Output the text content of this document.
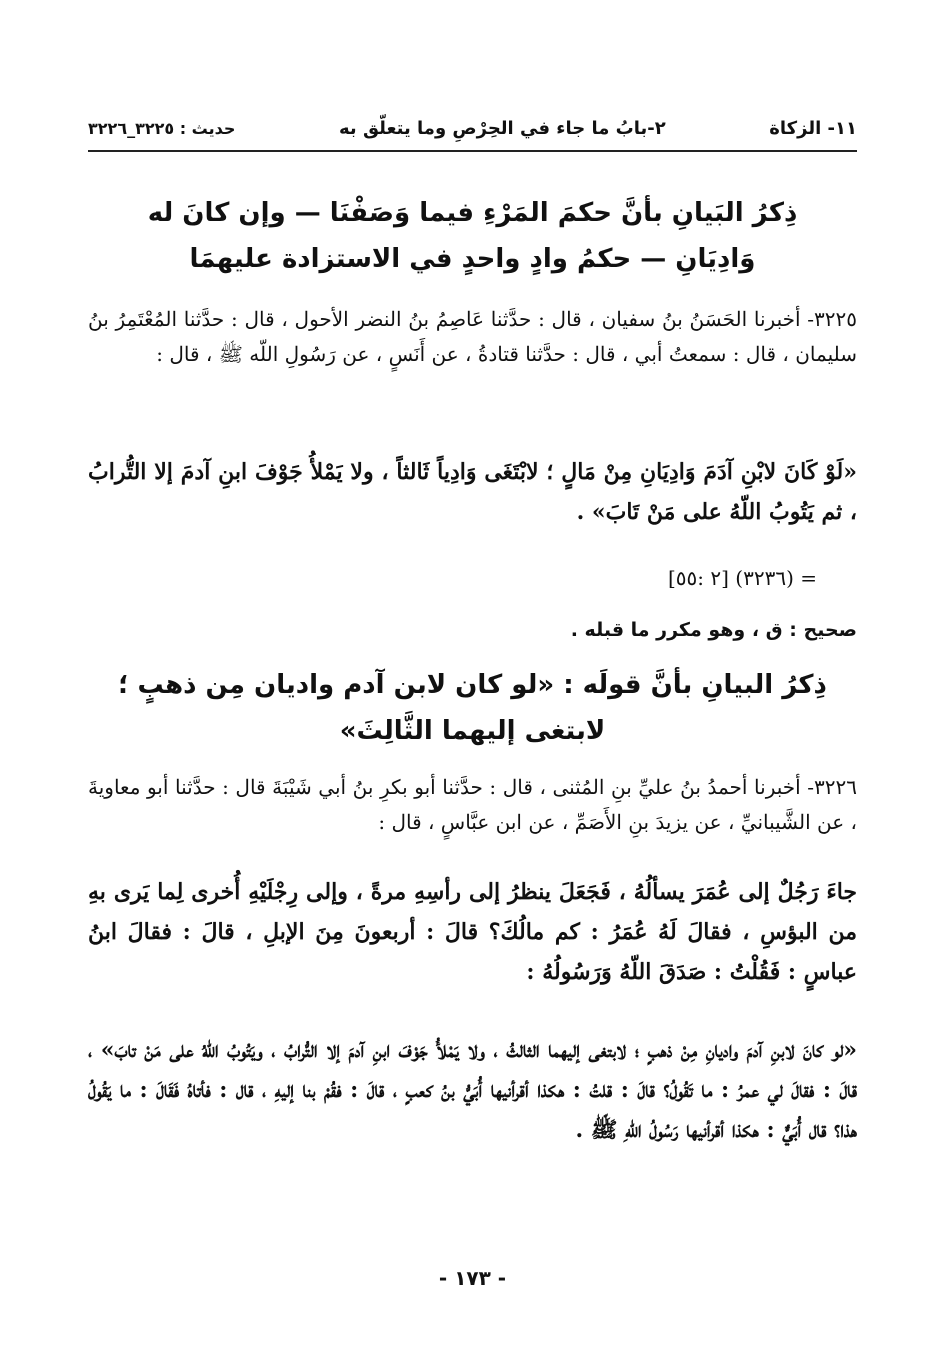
١١- الزكاة
٢-بابُ ما جاء في الحِرْصِ وما يتعلّق به
حديث : ٣٢٢٥_٣٢٢٦
ذِكرُ البَيانِ بأنَّ حكمَ المَرْءِ فيما وَصَفْنَا — وإن كانَ له
وَادِيَانِ — حكمُ وادٍ واحدٍ في الاستزادة عليهمَا
٣٢٢٥- أخبرنا الحَسَنُ بنُ سفيان ، قال : حدَّثنا عَاصِمُ بنُ النضر الأحول ، قال : حدَّثنا المُعْتَمِرُ بنُ سليمان ، قال : سمعتُ أبي ، قال : حدَّثنا قتادةُ ، عن أَنَسٍ ، عن رَسُولِ اللّه ﷺ ، قال :
«لَوْ كَانَ لابْنِ آدَمَ وَادِيَانِ مِنْ مَالٍ ؛ لابْتَغَى وَادِياً ثَالثاً ، ولا يَمْلأُ جَوْفَ ابنِ آدمَ إلا التُّرابُ ، ثم يَتُوبُ اللّهُ على مَنْ تَابَ» .
= (٣٢٣٦) [٢ :٥٥]
صحيح : ق ، وهو مكرر ما قبله .
ذِكرُ البيانِ بأنَّ قولَه : «لو كان لابن آدم واديان مِن ذهبٍ ؛
لابتغى إليهما الثَّالِثَ»
٣٢٢٦- أخبرنا أحمدُ بنُ عليِّ بنِ المُثنى ، قال : حدَّثنا أبو بكرِ بنُ أبي شَيْبَةَ قال : حدَّثنا أبو معاويةَ ، عن الشَّيبانيِّ ، عن يزيدَ بنِ الأَصَمِّ ، عن ابن عبَّاسٍ ، قال :
جاءَ رَجُلٌ إلى عُمَرَ يسألُهُ ، فَجَعَلَ ينظرُ إلى رأسِهِ مرةً ، وإلى رِجْلَيْهِ أُخرى لِما يَرى بهِ من البؤسِ ، فقالَ لَهُ عُمَرُ : كم مالُكَ؟ قالَ : أربعونَ مِنَ الإبلِ ، قالَ : فقالَ ابنُ عباسٍ : فَقُلْتُ : صَدَقَ اللّهُ وَرَسُولُهُ :
«لو كانَ لابنِ آدمَ واديانِ مِنْ ذهبٍ ؛ لابتغى إليهما الثالثُ ، ولا يَمْلأُ جَوْفَ ابنِ آدمَ إلا التُّرابُ ، ويَتُوبُ اللّهُ على مَنْ تابَ» ، قالَ : فقالَ لي عمرُ : ما تَقُولُ؟ قالَ : قلتُ : هكذا أقرأنيها أُبَيُّ بنُ كعبٍ ، قالَ : فقُمْ بنا إليهِ ، قال : فأتاهُ فَقَالَ : ما يَقُولُ هذا؟ قال أُبَيٌّ : هكذا أقرأنيها رَسُولُ اللّهِ ﷺ .
- ١٧٣ -
